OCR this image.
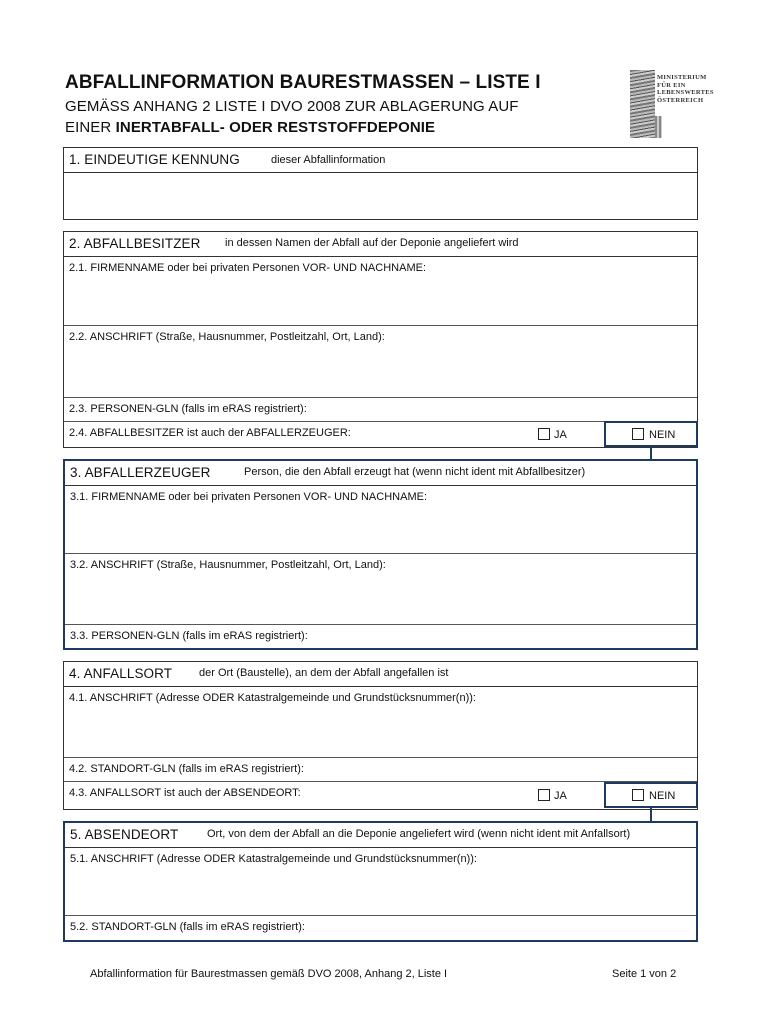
ABFALLINFORMATION BAURESTMASSEN – LISTE I
GEMÄSS ANHANG 2 LISTE I DVO 2008 ZUR ABLAGERUNG AUF
EINER INERTABFALL- ODER RESTSTOFFDEPONIE
MINISTERIUM
FÜR EIN
LEBENSWERTES
ÖSTERREICH
1. EINDEUTIGE KENNUNG	dieser Abfallinformation
2. ABFALLBESITZER in dessen Namen der Abfall auf der Deponie angeliefert wird
2.1. FIRMENNAME oder bei privaten Personen VOR- UND NACHNAME:
2.2. ANSCHRIFT (Straße, Hausnummer, Postleitzahl, Ort, Land):
2.3. PERSONEN-GLN (falls im eRAS registriert):
2.4. ABFALLBESITZER ist auch der ABFALLERZEUGER:	JA	NEIN
3. ABFALLERZEUGER	Person, die den Abfall erzeugt hat (wenn nicht ident mit Abfallbesitzer)
3.1. FIRMENNAME oder bei privaten Personen VOR- UND NACHNAME:
3.2. ANSCHRIFT (Straße, Hausnummer, Postleitzahl, Ort, Land):
3.3. PERSONEN-GLN (falls im eRAS registriert):
4. ANFALLSORT der Ort (Baustelle), an dem der Abfall angefallen ist
4.1. ANSCHRIFT (Adresse ODER Katastralgemeinde und Grundstücksnummer(n)):
4.2. STANDORT-GLN (falls im eRAS registriert):
4.3. ANFALLSORT ist auch der ABSENDEORT:	JA	NEIN
5. ABSENDEORT	Ort, von dem der Abfall an die Deponie angeliefert wird (wenn nicht ident mit Anfallsort)
5.1. ANSCHRIFT (Adresse ODER Katastralgemeinde und Grundstücksnummer(n)):
5.2. STANDORT-GLN (falls im eRAS registriert):
Abfallinformation für Baurestmassen gemäß DVO 2008, Anhang 2, Liste I	Seite 1 von 2
